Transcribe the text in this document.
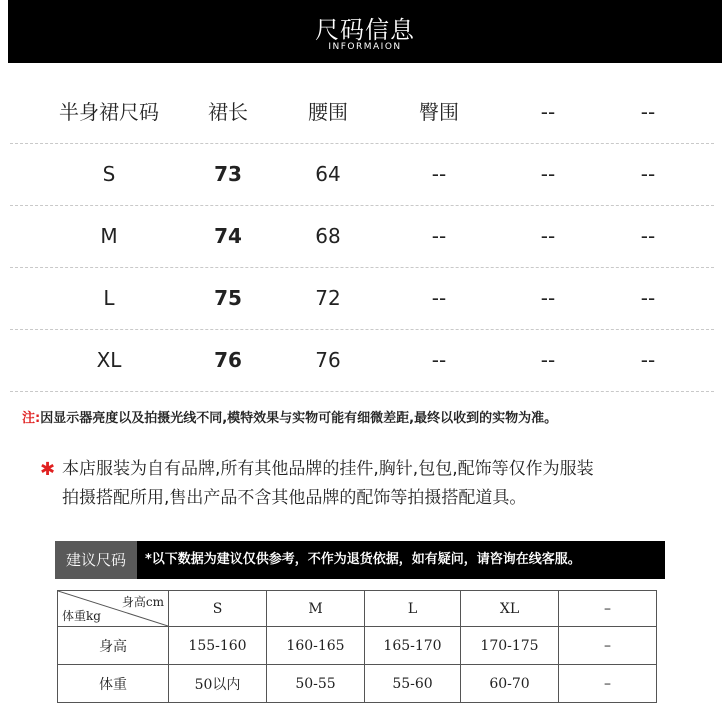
尺码信息
INFORMAION
半身裙尺码	裙长	腰围	臀围	--	--
S	73	64	--	--	--
M	74	68	--	--	--
L	75	72	--	--	--
XL	76	76	--	--	--
注:因显示器亮度以及拍摄光线不同,模特效果与实物可能有细微差距,最终以收到的实物为准。
✱ 本店服装为自有品牌,所有其他品牌的挂件,胸针,包包,配饰等仅作为服装
拍摄搭配所用,售出产品不含其他品牌的配饰等拍摄搭配道具。
建议尺码	*以下数据为建议仅供参考，不作为退货依据，如有疑问，请咨询在线客服。
身高cm
体重kg	S	M	L	XL	–
身高	155-160	160-165	165-170	170-175	–
体重	50以内	50-55	55-60	60-70	–
